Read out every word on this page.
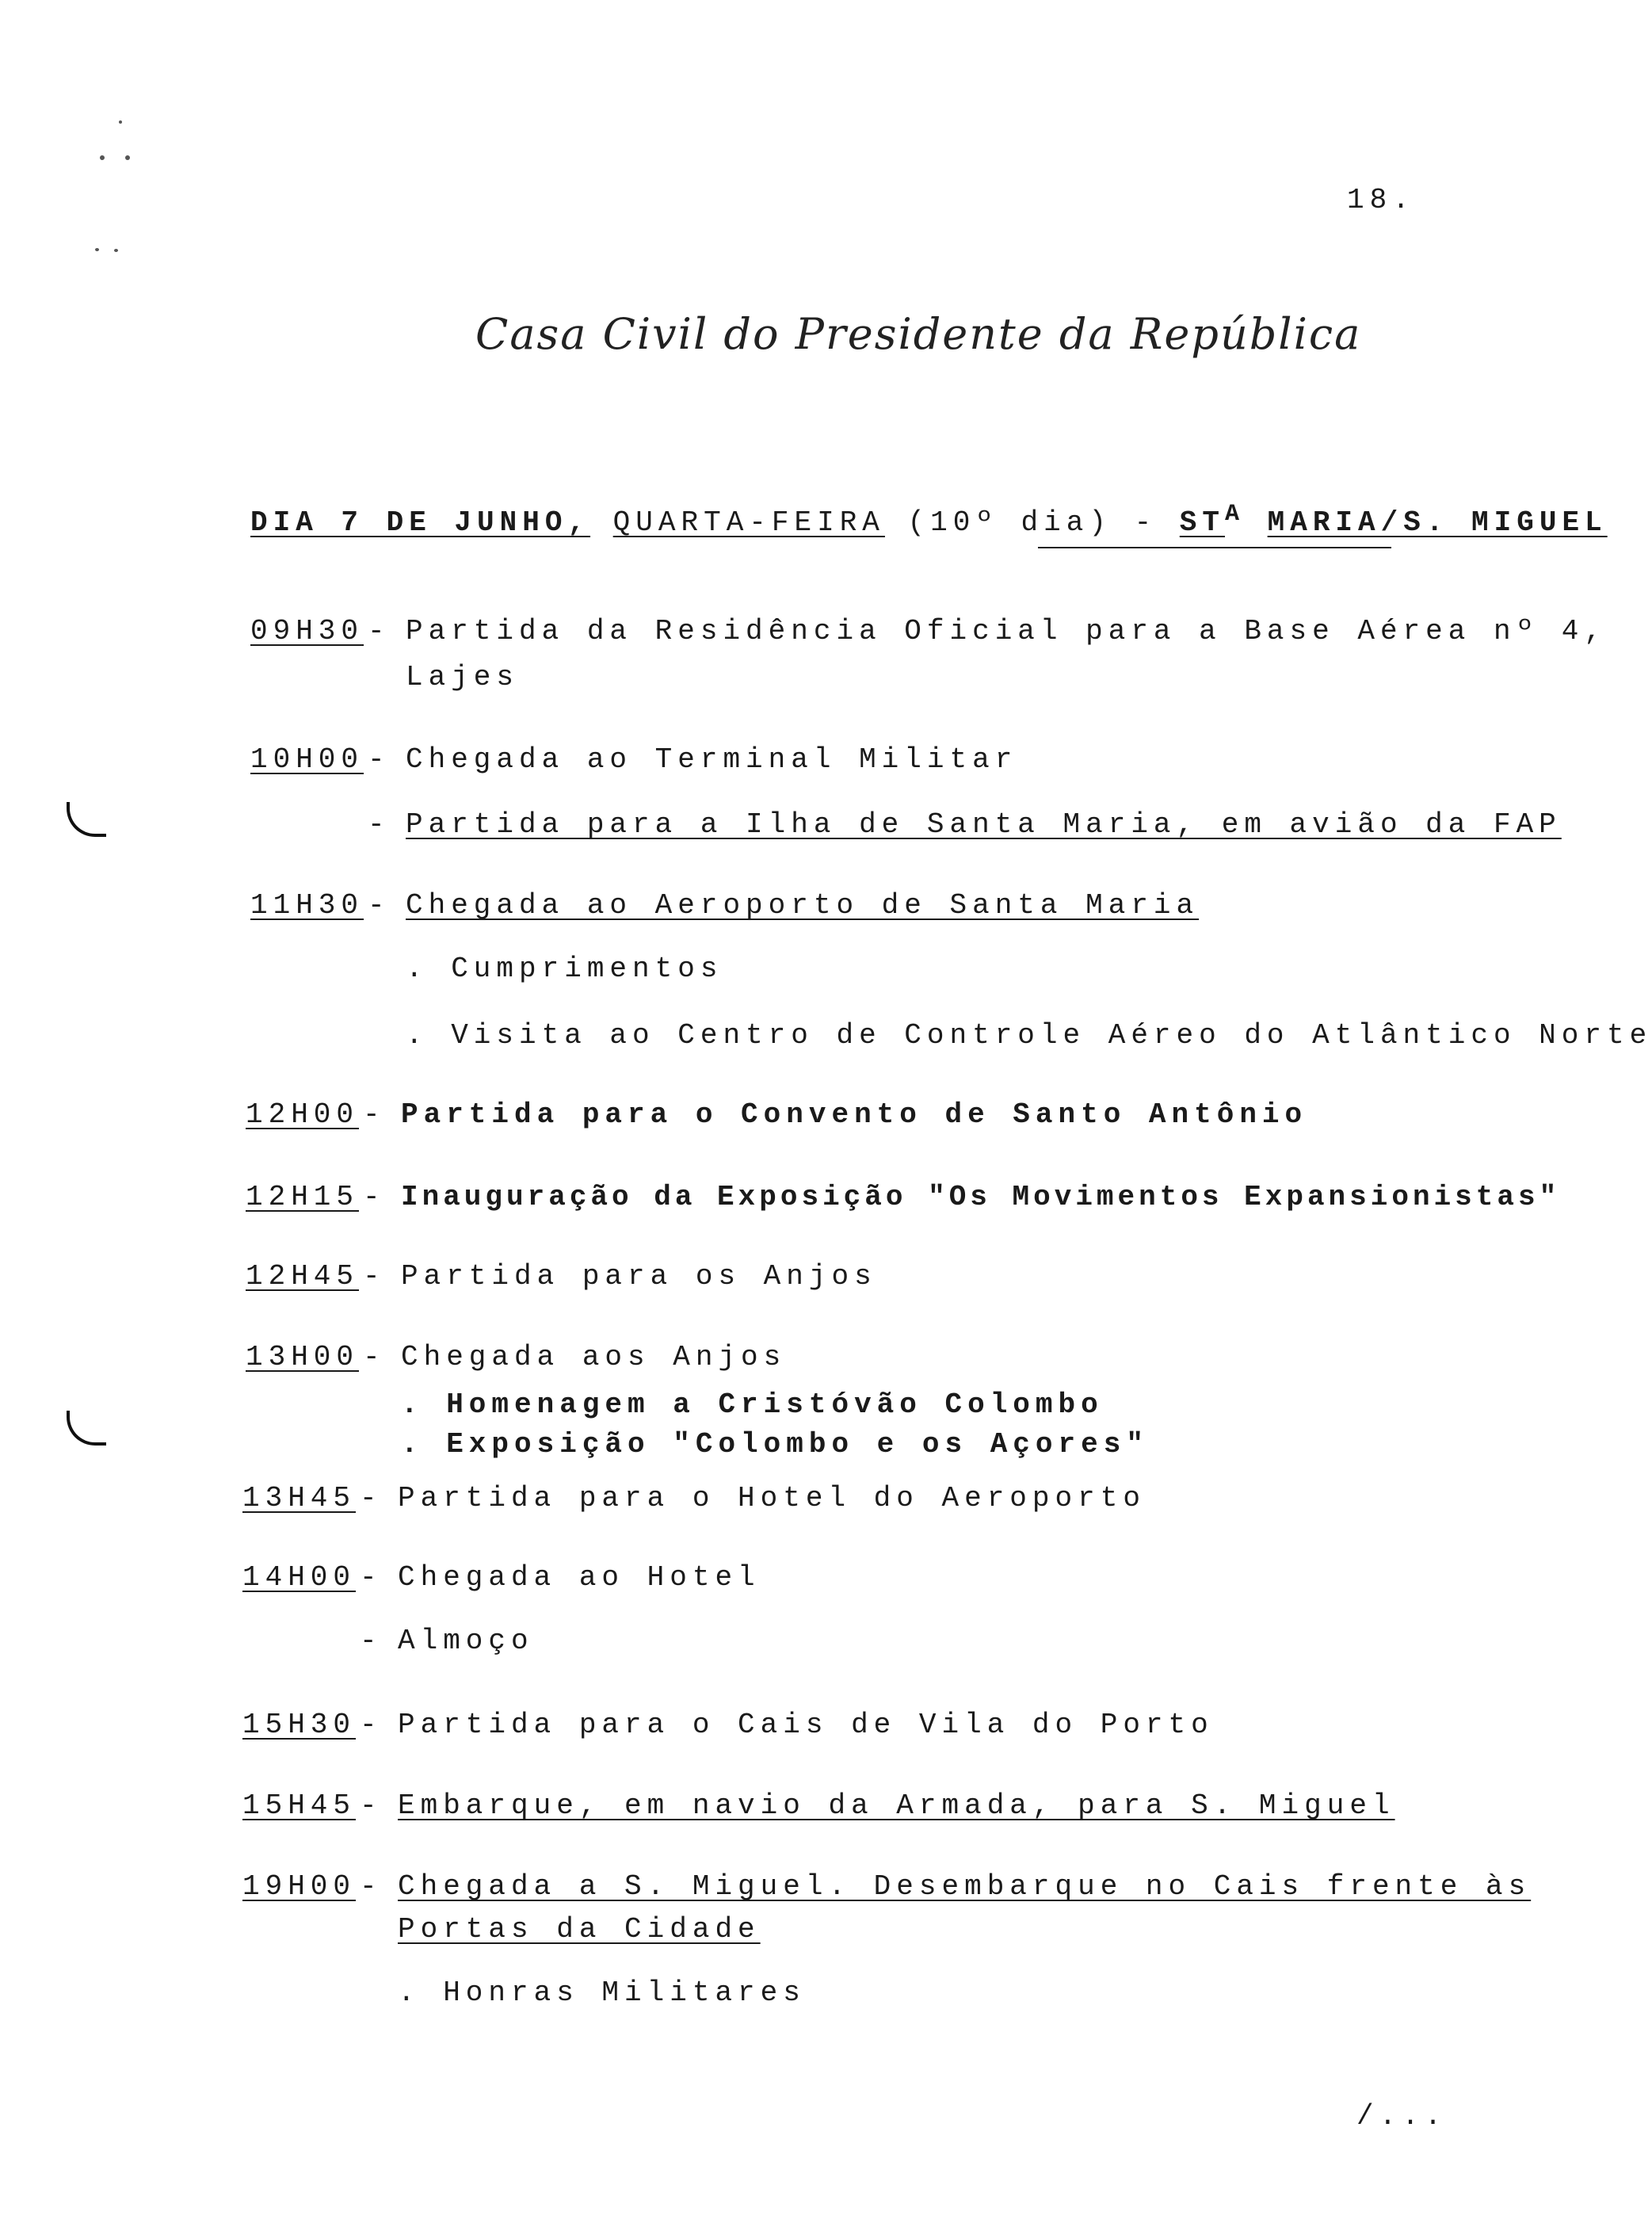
18.
Casa Civil do Presidente da República
DIA 7 DE JUNHO, QUARTA-FEIRA (10º $dia) - ST^A$ MARIA/S. MIGUEL
09H30 - Partida da Residência Oficial para a Base Aérea nº 4,
Lajes
10H00 - Chegada ao Terminal Militar
- Partida para a Ilha de Santa Maria, em avião da FAP
11H30 - Chegada ao Aeroporto de Santa Maria
. Cumprimentos
. Visita ao Centro de Controle Aéreo do Atlântico Norte
12H00 - Partida para o Convento de Santo Antônio
12H15 - Inauguração da Exposição "Os Movimentos Expansionistas"
12H45 - Partida para os Anjos
13H00 - Chegada aos Anjos
. Homenagem a Cristóvão Colombo
. Exposição "Colombo e os Açores"
13H45 - Partida para o Hotel do Aeroporto
14H00 - Chegada ao Hotel
- Almoço
15H30 - Partida para o Cais de Vila do Porto
15H45 - Embarque, em navio da Armada, para S. Miguel
19H00 - Chegada a S. Miguel. Desembarque no Cais frente às
Portas da Cidade
. Honras Militares
/...
